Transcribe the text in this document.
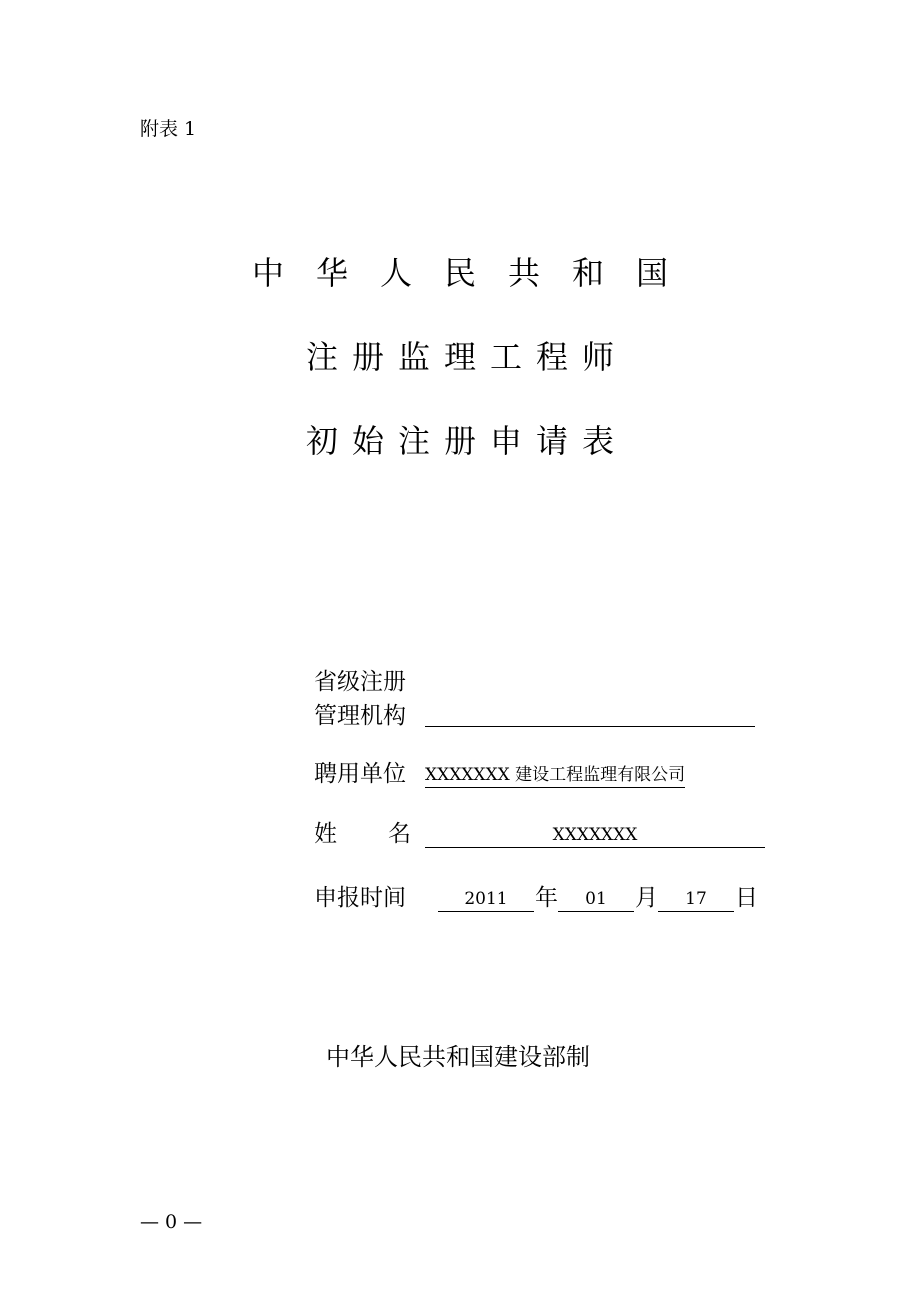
附表 1
中华人民共和国
注册监理工程师
初始注册申请表
省级注册
管理机构
聘用单位 XXXXXXX 建设工程监理有限公司
姓 名	XXXXXXX
申报时间	2011	年	01	月	17	日
中华人民共和国建设部制
— 0 —
